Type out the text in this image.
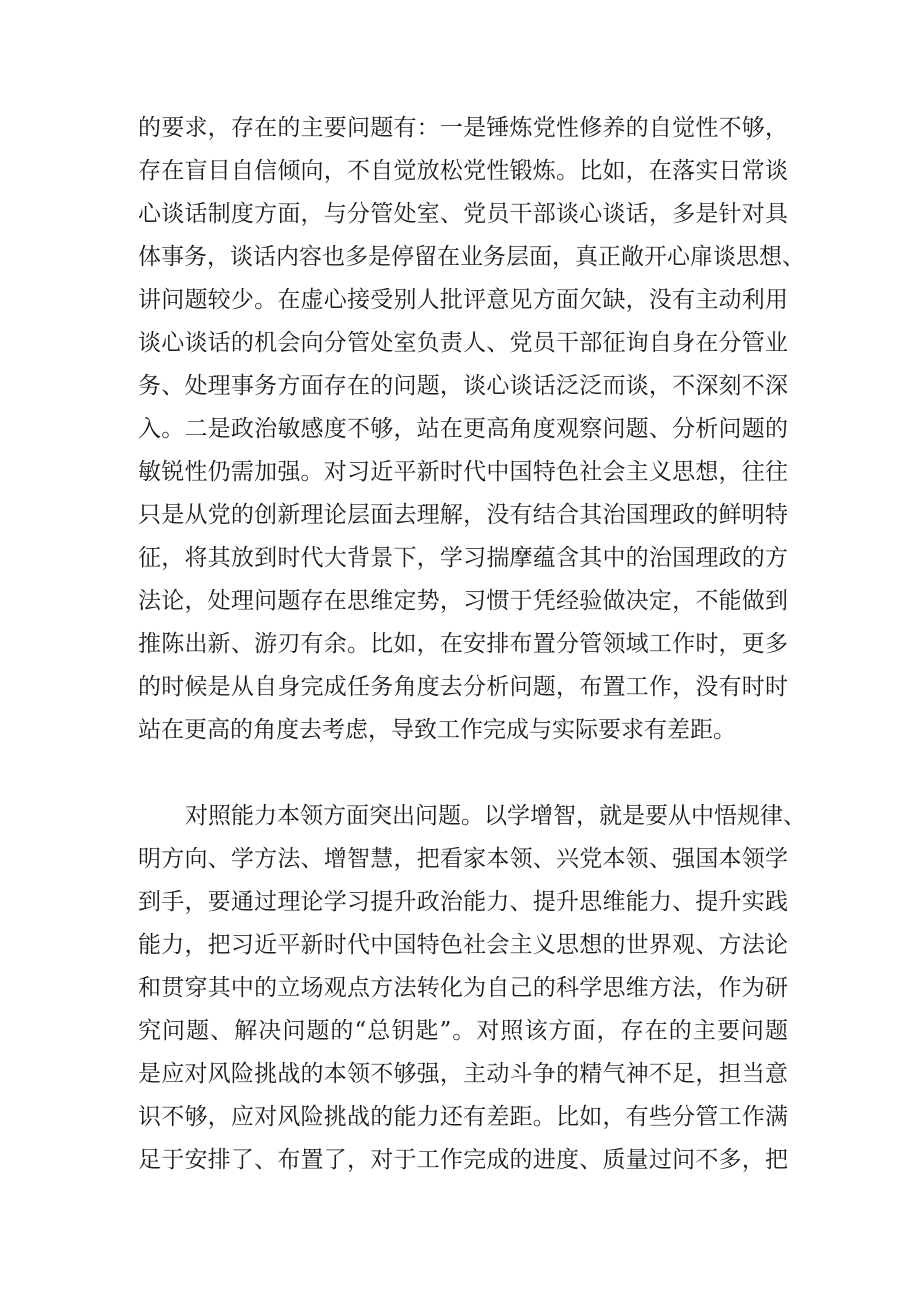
的要求，存在的主要问题有：一是锤炼党性修养的自觉性不够，
存在盲目自信倾向，不自觉放松党性锻炼。比如，在落实日常谈
心谈话制度方面，与分管处室、党员干部谈心谈话，多是针对具
体事务，谈话内容也多是停留在业务层面，真正敞开心扉谈思想、
讲问题较少。在虚心接受别人批评意见方面欠缺，没有主动利用
谈心谈话的机会向分管处室负责人、党员干部征询自身在分管业
务、处理事务方面存在的问题，谈心谈话泛泛而谈，不深刻不深
入。二是政治敏感度不够，站在更高角度观察问题、分析问题的
敏锐性仍需加强。对习近平新时代中国特色社会主义思想，往往
只是从党的创新理论层面去理解，没有结合其治国理政的鲜明特
征，将其放到时代大背景下，学习揣摩蕴含其中的治国理政的方
法论，处理问题存在思维定势，习惯于凭经验做决定，不能做到
推陈出新、游刃有余。比如，在安排布置分管领域工作时，更多
的时候是从自身完成任务角度去分析问题，布置工作，没有时时
站在更高的角度去考虑，导致工作完成与实际要求有差距。
对照能力本领方面突出问题。以学增智，就是要从中悟规律、
明方向、学方法、增智慧，把看家本领、兴党本领、强国本领学
到手，要通过理论学习提升政治能力、提升思维能力、提升实践
能力，把习近平新时代中国特色社会主义思想的世界观、方法论
和贯穿其中的立场观点方法转化为自己的科学思维方法，作为研
究问题、解决问题的“总钥匙”。对照该方面，存在的主要问题
是应对风险挑战的本领不够强，主动斗争的精气神不足，担当意
识不够，应对风险挑战的能力还有差距。比如，有些分管工作满
足于安排了、布置了，对于工作完成的进度、质量过问不多，把
